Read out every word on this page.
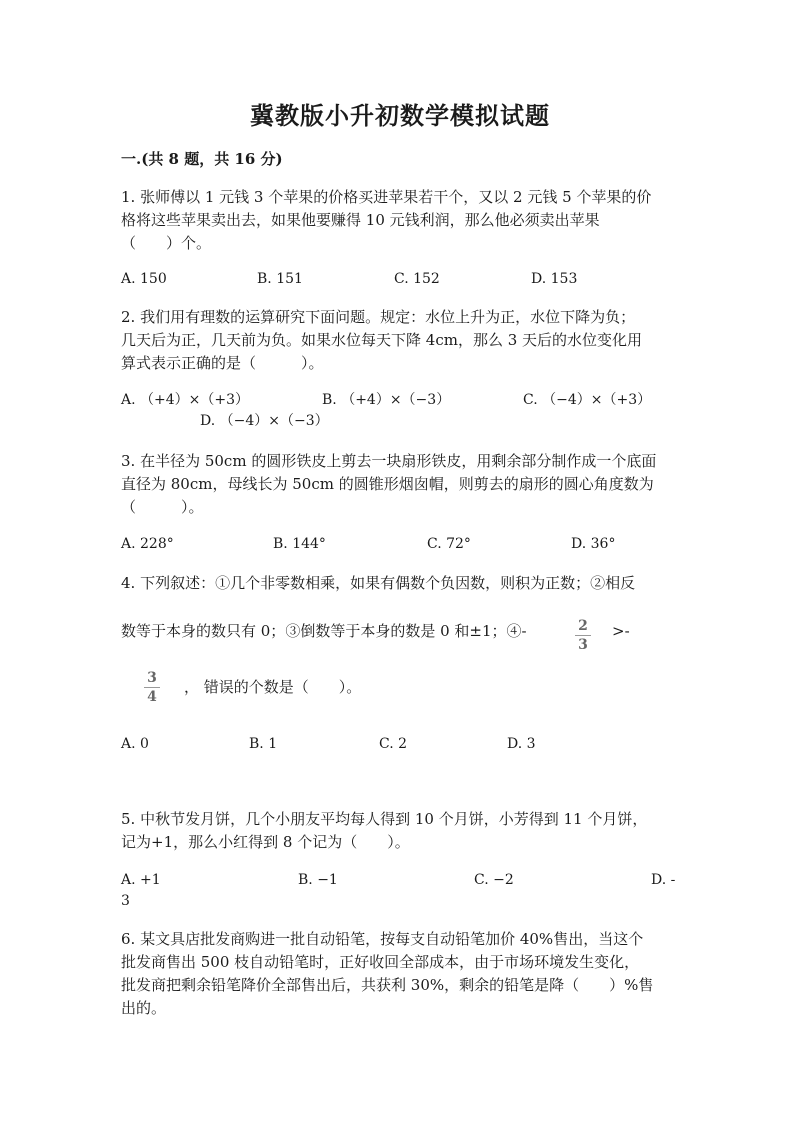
冀教版小升初数学模拟试题
一.(共 8 题，共 16 分)
1. 张师傅以 1 元钱 3 个苹果的价格买进苹果若干个，又以 2 元钱 5 个苹果的价
格将这些苹果卖出去，如果他要赚得 10 元钱利润，那么他必须卖出苹果
（　　）个。
A. 150	B. 151	C. 152	D. 153
2. 我们用有理数的运算研究下面问题。规定：水位上升为正，水位下降为负；
几天后为正，几天前为负。如果水位每天下降 4cm，那么 3 天后的水位变化用
算式表示正确的是（　　　）。
A. （+4）×（+3）	B. （+4）×（−3）	C. （−4）×（+3）
D. （−4）×（−3）
3. 在半径为 50cm 的圆形铁皮上剪去一块扇形铁皮，用剩余部分制作成一个底面
直径为 80cm，母线长为 50cm 的圆锥形烟囱帽，则剪去的扇形的圆心角度数为
（　　　）。
A. 228°	B. 144°	C. 72°	D. 36°
4. 下列叙述：①几个非零数相乘，如果有偶数个负因数，则积为正数；②相反
数等于本身的数只有 0；③倒数等于本身的数是 0 和±1；④-	2
3
>-
3
4
， 错误的个数是（　　）。
A. 0	B. 1	C. 2	D. 3
5. 中秋节发月饼，几个小朋友平均每人得到 10 个月饼，小芳得到 11 个月饼，
记为+1，那么小红得到 8 个记为（　　）。
A. +1	B. −1	C. −2	D. -
3
6. 某文具店批发商购进一批自动铅笔，按每支自动铅笔加价 40%售出，当这个
批发商售出 500 枝自动铅笔时，正好收回全部成本，由于市场环境发生变化，
批发商把剩余铅笔降价全部售出后，共获利 30%，剩余的铅笔是降（　　）%售
出的。
